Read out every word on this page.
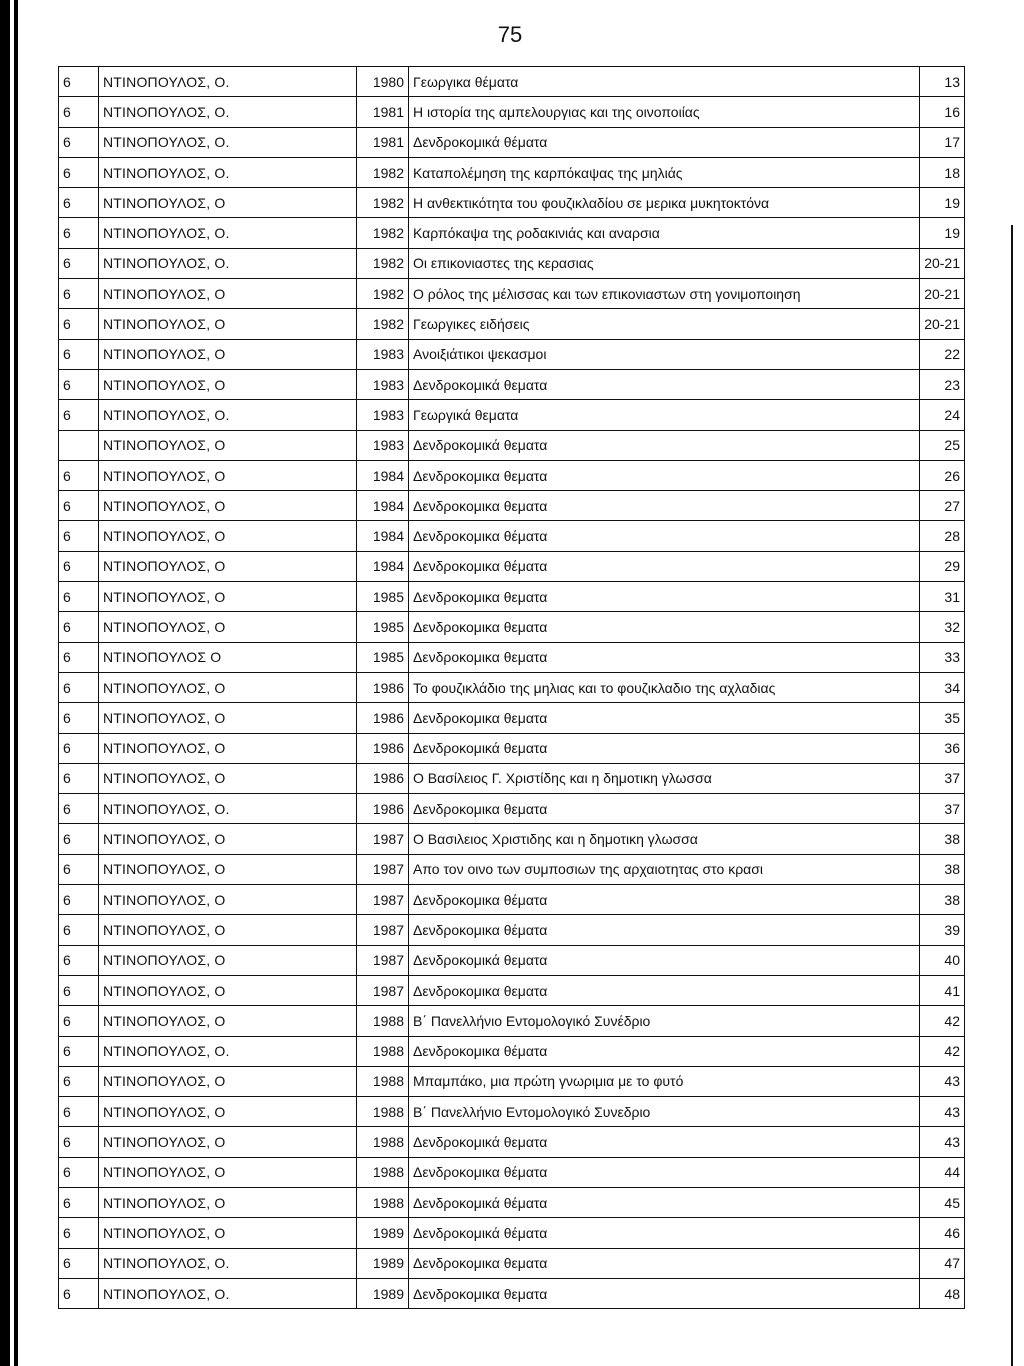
75
6	ΝΤΙΝΟΠΟΥΛΟΣ, Ο.	1980	Γεωργικα θέματα	13
6	ΝΤΙΝΟΠΟΥΛΟΣ, Ο.	1981	Η ιστορία της αμπελουργιας και της οινοποιίας	16
6	ΝΤΙΝΟΠΟΥΛΟΣ, Ο.	1981	Δενδροκομικά θέματα	17
6	ΝΤΙΝΟΠΟΥΛΟΣ, Ο.	1982	Καταπολέμηση της καρπόκαψας της μηλιάς	18
6	ΝΤΙΝΟΠΟΥΛΟΣ, Ο	1982	Η ανθεκτικότητα του φουζικλαδίου σε μερικα μυκητοκτόνα	19
6	ΝΤΙΝΟΠΟΥΛΟΣ, Ο.	1982	Καρπόκαψα της ροδακινιάς και αναρσια	19
6	ΝΤΙΝΟΠΟΥΛΟΣ, Ο.	1982	Οι επικονιαστες της κερασιας	20-21
6	ΝΤΙΝΟΠΟΥΛΟΣ, Ο	1982	Ο ρόλος της μέλισσας και των επικονιαστων στη γονιμοποιηση	20-21
6	ΝΤΙΝΟΠΟΥΛΟΣ, Ο	1982	Γεωργικες ειδήσεις	20-21
6	ΝΤΙΝΟΠΟΥΛΟΣ, Ο	1983	Ανοιξιάτικοι ψεκασμοι	22
6	ΝΤΙΝΟΠΟΥΛΟΣ, Ο	1983	Δενδροκομικά θεματα	23
6	ΝΤΙΝΟΠΟΥΛΟΣ, Ο.	1983	Γεωργικά θεματα	24
	ΝΤΙΝΟΠΟΥΛΟΣ, Ο	1983	Δενδροκομικά θεματα	25
6	ΝΤΙΝΟΠΟΥΛΟΣ, Ο	1984	Δενδροκομικα θεματα	26
6	ΝΤΙΝΟΠΟΥΛΟΣ, Ο	1984	Δενδροκομικα θεματα	27
6	ΝΤΙΝΟΠΟΥΛΟΣ, Ο	1984	Δενδροκομικα θέματα	28
6	ΝΤΙΝΟΠΟΥΛΟΣ, Ο	1984	Δενδροκομικα θέματα	29
6	ΝΤΙΝΟΠΟΥΛΟΣ, Ο	1985	Δενδροκομικα θεματα	31
6	ΝΤΙΝΟΠΟΥΛΟΣ, Ο	1985	Δενδροκομικα θεματα	32
6	ΝΤΙΝΟΠΟΥΛΟΣ Ο	1985	Δενδροκομικα θεματα	33
6	ΝΤΙΝΟΠΟΥΛΟΣ, Ο	1986	Το φουζικλάδιο της μηλιας και το φουζικλαδιο της αχλαδιας	34
6	ΝΤΙΝΟΠΟΥΛΟΣ, Ο	1986	Δενδροκομικα θεματα	35
6	ΝΤΙΝΟΠΟΥΛΟΣ, Ο	1986	Δενδροκομικά θεματα	36
6	ΝΤΙΝΟΠΟΥΛΟΣ, Ο	1986	Ο Βασίλειος Γ. Χριστίδης και η δημοτικη γλωσσα	37
6	ΝΤΙΝΟΠΟΥΛΟΣ, Ο.	1986	Δενδροκομικα θεματα	37
6	ΝΤΙΝΟΠΟΥΛΟΣ, Ο	1987	Ο Βασιλειος Χριστιδης και η δημοτικη γλωσσα	38
6	ΝΤΙΝΟΠΟΥΛΟΣ, Ο	1987	Απο τον οινο των συμποσιων της αρχαιοτητας στο κρασι	38
6	ΝΤΙΝΟΠΟΥΛΟΣ, Ο	1987	Δενδροκομικα θέματα	38
6	ΝΤΙΝΟΠΟΥΛΟΣ, Ο	1987	Δενδροκομικα θέματα	39
6	ΝΤΙΝΟΠΟΥΛΟΣ, Ο	1987	Δενδροκομικά θεματα	40
6	ΝΤΙΝΟΠΟΥΛΟΣ, Ο	1987	Δενδροκομικα θεματα	41
6	ΝΤΙΝΟΠΟΥΛΟΣ, Ο	1988	Β΄ Πανελλήνιο Εντομολογικό Συνέδριο	42
6	ΝΤΙΝΟΠΟΥΛΟΣ, Ο.	1988	Δενδροκομικα θέματα	42
6	ΝΤΙΝΟΠΟΥΛΟΣ, Ο	1988	Μπαμπάκο, μια πρώτη γνωριμια με το φυτό	43
6	ΝΤΙΝΟΠΟΥΛΟΣ, Ο	1988	Β΄ Πανελλήνιο Εντομολογικό Συνεδριο	43
6	ΝΤΙΝΟΠΟΥΛΟΣ, Ο	1988	Δενδροκομικά θεματα	43
6	ΝΤΙΝΟΠΟΥΛΟΣ, Ο	1988	Δενδροκομικα θέματα	44
6	ΝΤΙΝΟΠΟΥΛΟΣ, Ο	1988	Δενδροκομικά θέματα	45
6	ΝΤΙΝΟΠΟΥΛΟΣ, Ο	1989	Δενδροκομικά θέματα	46
6	ΝΤΙΝΟΠΟΥΛΟΣ, Ο.	1989	Δενδροκομικα θεματα	47
6	ΝΤΙΝΟΠΟΥΛΟΣ, Ο.	1989	Δενδροκομικα θεματα	48
